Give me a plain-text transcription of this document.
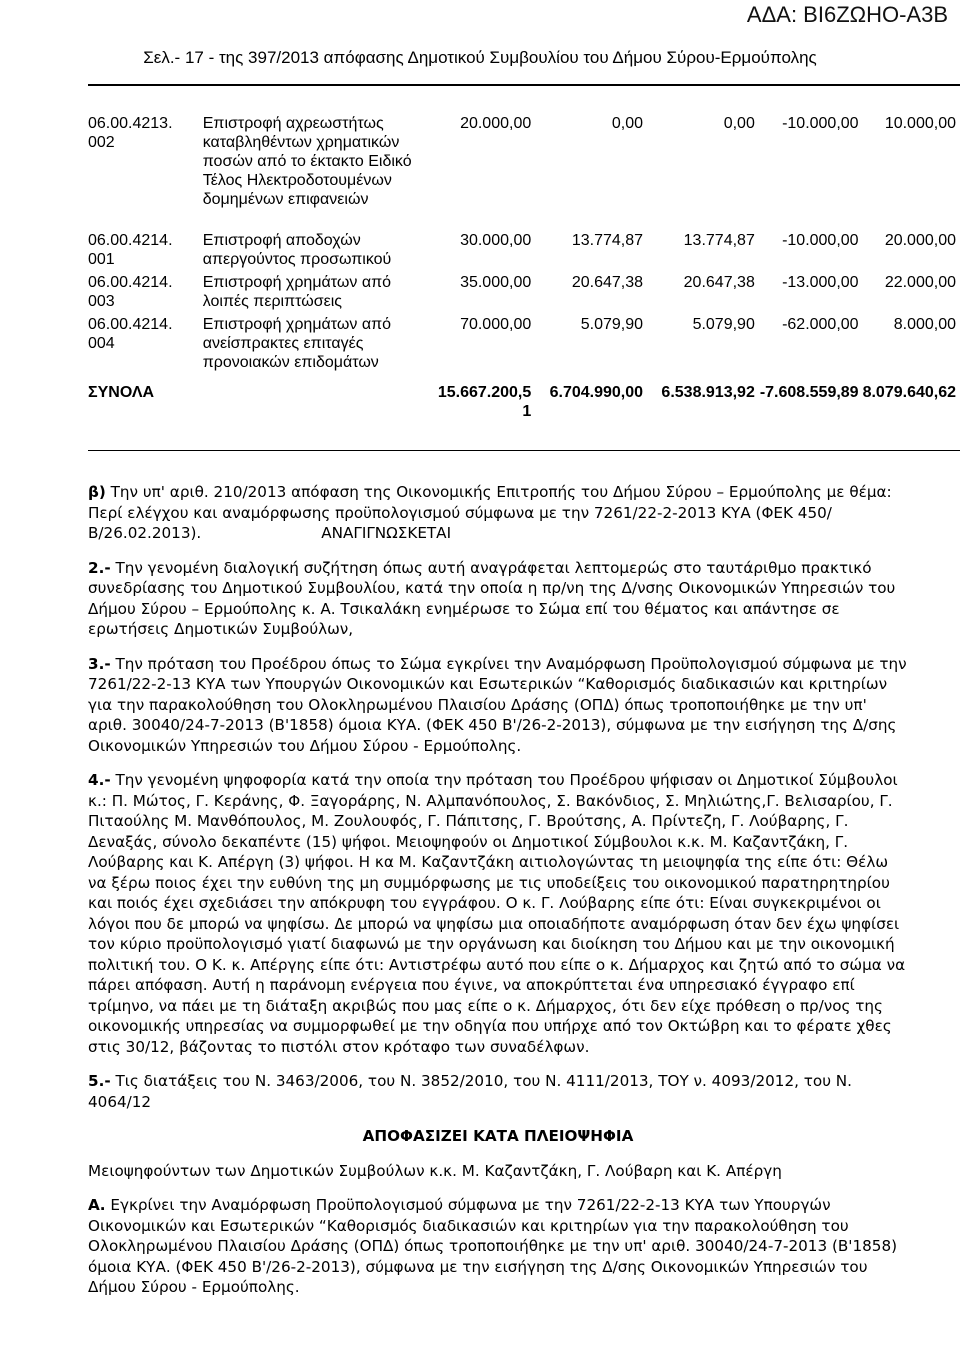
ΑΔΑ: ΒΙ6ΖΩΗΟ-Α3Β
Σελ.- 17 - της 397/2013 απόφασης Δημοτικού Συμβουλίου του Δήμου Σύρου-Ερμούπολης
06.00.4213. 002	Επιστροφή αχρεωστήτως καταβληθέντων χρηματικών ποσών από το έκτακτο Ειδικό Τέλος Ηλεκτροδοτουμένων δομημένων επιφανειών	20.000,00	0,00	0,00	-10.000,00	10.000,00
06.00.4214. 001	Επιστροφή αποδοχών απεργούντος προσωπικού	30.000,00	13.774,87	13.774,87	-10.000,00	20.000,00
06.00.4214. 003	Επιστροφή χρημάτων από λοιπές περιπτώσεις	35.000,00	20.647,38	20.647,38	-13.000,00	22.000,00
06.00.4214. 004	Επιστροφή χρημάτων από ανείσπρακτες επιταγές προνοιακών επιδομάτων	70.000,00	5.079,90	5.079,90	-62.000,00	8.000,00
ΣΥΝΟΛΑ		15.667.200,51	6.704.990,00	6.538.913,92	-7.608.559,89	8.079.640,62

β) Την υπ' αριθ. 210/2013 απόφαση της Οικονομικής Επιτροπής του Δήμου Σύρου – Ερμούπολης με θέμα: Περί ελέγχου και αναμόρφωσης προϋπολογισμού σύμφωνα με την 7261/22-2-2013 ΚΥΑ (ΦΕΚ 450/Β/26.02.2013).	ΑΝΑΓΙΓΝΩΣΚΕΤΑΙ

2.- Την γενομένη διαλογική συζήτηση όπως αυτή αναγράφεται λεπτομερώς στο ταυτάριθμο πρακτικό συνεδρίασης του Δημοτικού Συμβουλίου, κατά την οποία η πρ/νη της Δ/νσης Οικονομικών Υπηρεσιών του Δήμου Σύρου – Ερμούπολης κ. Α. Τσικαλάκη ενημέρωσε το Σώμα επί του θέματος και απάντησε σε ερωτήσεις Δημοτικών Συμβούλων,

3.- Την πρόταση του Προέδρου όπως το Σώμα εγκρίνει την Αναμόρφωση Προϋπολογισμού σύμφωνα με την 7261/22-2-13 ΚΥΑ των Υπουργών Οικονομικών και Εσωτερικών “Καθορισμός διαδικασιών και κριτηρίων για την παρακολούθηση του Ολοκληρωμένου Πλαισίου Δράσης (ΟΠΔ) όπως τροποποιήθηκε με την υπ' αριθ. 30040/24-7-2013 (Β'1858) όμοια ΚΥΑ. (ΦΕΚ 450 Β'/26-2-2013), σύμφωνα με την εισήγηση της Δ/σης Οικονομικών Υπηρεσιών του Δήμου Σύρου - Ερμούπολης.

4.- Την γενομένη ψηφοφορία κατά την οποία την πρόταση του Προέδρου ψήφισαν οι Δημοτικοί Σύμβουλοι κ.: Π. Μώτος, Γ. Κεράνης, Φ. Ξαγοράρης, Ν. Αλμπανόπουλος, Σ. Βακόνδιος, Σ. Μηλιώτης,Γ. Βελισαρίου, Γ. Πιταούλης Μ. Μανθόπουλος, Μ. Ζουλουφός, Γ. Πάπιτσης, Γ. Βρούτσης, Α. Πρίντεζη, Γ. Λούβαρης, Γ. Δεναξάς, σύνολο δεκαπέντε (15) ψήφοι. Μειοψηφούν οι Δημοτικοί Σύμβουλοι κ.κ. Μ. Καζαντζάκη, Γ. Λούβαρης και Κ. Απέργη (3) ψήφοι. Η κα Μ. Καζαντζάκη αιτιολογώντας τη μειοψηφία της είπε ότι: Θέλω να ξέρω ποιος έχει την ευθύνη της μη συμμόρφωσης με τις υποδείξεις του οικονομικού παρατηρητηρίου και ποιός έχει σχεδιάσει την απόκρυφη του εγγράφου. Ο κ. Γ. Λούβαρης είπε ότι: Είναι συγκεκριμένοι οι λόγοι που δε μπορώ να ψηφίσω. Δε μπορώ να ψηφίσω μια οποιαδήποτε αναμόρφωση όταν δεν έχω ψηφίσει τον κύριο προϋπολογισμό γιατί διαφωνώ με την οργάνωση και διοίκηση του Δήμου και με την οικονομική πολιτική του. Ο Κ. κ. Απέργης είπε ότι: Αντιστρέφω αυτό που είπε ο κ. Δήμαρχος και ζητώ από το σώμα να πάρει απόφαση. Αυτή η παράνομη ενέργεια που έγινε, να αποκρύπτεται ένα υπηρεσιακό έγγραφο επί τρίμηνο, να πάει με τη διάταξη ακριβώς που μας είπε ο κ. Δήμαρχος, ότι δεν είχε πρόθεση ο πρ/νος της οικονομικής υπηρεσίας να συμμορφωθεί με την οδηγία που υπήρχε από τον Οκτώβρη και το φέρατε χθες στις 30/12, βάζοντας το πιστόλι στον κρόταφο των συναδέλφων.

5.- Τις διατάξεις του Ν. 3463/2006, του Ν. 3852/2010, του Ν. 4111/2013, ΤΟΥ ν. 4093/2012, του Ν. 4064/12

ΑΠΟΦΑΣΙΖΕΙ ΚΑΤΑ ΠΛΕΙΟΨΗΦΙΑ

Μειοψηφούντων των Δημοτικών Συμβούλων κ.κ. Μ. Καζαντζάκη, Γ. Λούβαρη και Κ. Απέργη

Α. Εγκρίνει την Αναμόρφωση Προϋπολογισμού σύμφωνα με την 7261/22-2-13 ΚΥΑ των Υπουργών Οικονομικών και Εσωτερικών “Καθορισμός διαδικασιών και κριτηρίων για την παρακολούθηση του Ολοκληρωμένου Πλαισίου Δράσης (ΟΠΔ) όπως τροποποιήθηκε με την υπ' αριθ. 30040/24-7-2013 (Β'1858) όμοια ΚΥΑ. (ΦΕΚ 450 Β'/26-2-2013), σύμφωνα με την εισήγηση της Δ/σης Οικονομικών Υπηρεσιών του Δήμου Σύρου - Ερμούπολης.
